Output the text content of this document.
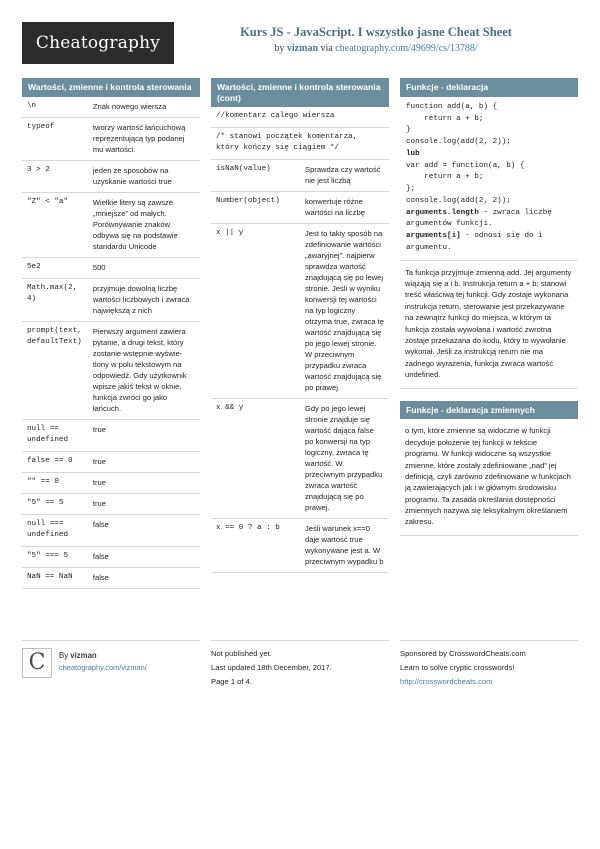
Cheatography
Kurs JS - JavaScript. I wszystko jasne Cheat Sheet
by vizman via cheatography.com/49699/cs/13788/
Wartości, zmienne i kontrola sterowania
\n	Znak nowego wiersza
typeof	tworzy wartość łańcuchową reprezentującą typ podanej mu wartości.
3 > 2	jeden ze sposobów na uzyskanie wartości true
"Z" < "a"	Wielkie litery są zawsze „mniejsze” od małych. Porównywanie znaków odbywa się na podstawie standardu Unicode
5e2	500
Math.max(2, 4)	przyjmuje dowolną liczbę wartości liczbowych i zwraca największą z nich
prompt(text, defaultText)	Pierwszy argument zawiera pytanie, a drugi tekst, który zostanie wstępnie wyświetlony w polu tekstowym na odpowiedź. Gdy użytkownik wpisze jakiś tekst w oknie, funkcja zwróci go jako łańcuch.
null == undefined	true
false == 0	true
"" == 0	true
"5" == 5	true
null === undefined	false
"5" === 5	false
NaN == NaN	false
Wartości, zmienne i kontrola sterowania (cont)
//komentarz calego wiersza	
/* stanowi początek komentarza, który kończy się ciągiem */	
isNaN(value)	Sprawdza czy wartość nie jest liczbą
Number(object)	konwertuje różne wartości na liczbę
x || y	Jest to takiy sposób na zdefiniowanie wartości „awaryjnej”. najpierw sprawdza wartość znajdującą się po lewej stronie. Jeśli w wyniku konwersji tej wartości na typ logiczny otrzyma true, zwraca tę wartość znajdującą się po jego lewej stronie. W przeciwnym przypadku zwraca wartość znajdującą się po prawej.
x && y	Gdy po jego lewej stronie znajduje się wartość dająca false po konwersji na typ logiczny, zwraca tę wartość. W przeciwnym przypadku zwraca wartość znajdującą się po prawej.
x == 0 ? a : b	Jeśli warunek x==0 daje wartość true wykonywane jest a. W przeciwnym wypadku b
Funkcje - deklaracja
function add(a, b) {
return a + b;
}
console.log(add(2, 2));
lub
var add = function(a, b) {
return a + b;
};
console.log(add(2, 2));
arguments.length - zwraca liczbę argumentów funkcji.
arguments[i] - odnosi się do i argumentu.
Ta funkcja przyjmuje zmienną add. Jej argumenty wiążąją się a i b. Instrukcja return a + b; stanowi treść właściwą tej funkcji. Gdy zostaje wykonana instrukcja return, sterowanie jest przekazywane na zewnątrz funkcji do miejsca, w którym ta funkcja została wywołana i wartość zwrotna zostaje przekazana do kodu, który to wywołanie wykonał. Jeśli za instrukcją return nie ma żadnego wyrażenia, funkcja zwraca wartość undefined.
Funkcje - deklaracja zmiennych
o tym, które zmienne są widoczne w funkcji decyduje położenie tej funkcji w tekście programu. W funkcji widoczne są wszystkie zmienne, które zostały zdefiniowane „nad” jej definicją, czyli zarówno zdefiniowane w funkcjach ją zawierających jak i w głównym środowisku programu. Ta zasada określania dostępności zmiennych nazywa się leksykalnym określaniem zakresu.
C	By vizman
cheatography.com/vizman/
Not published yet.
Last updated 18th December, 2017.
Page 1 of 4.
Sponsored by CrosswordCheats.com
Learn to solve cryptic crosswords!
http://crosswordcheats.com
